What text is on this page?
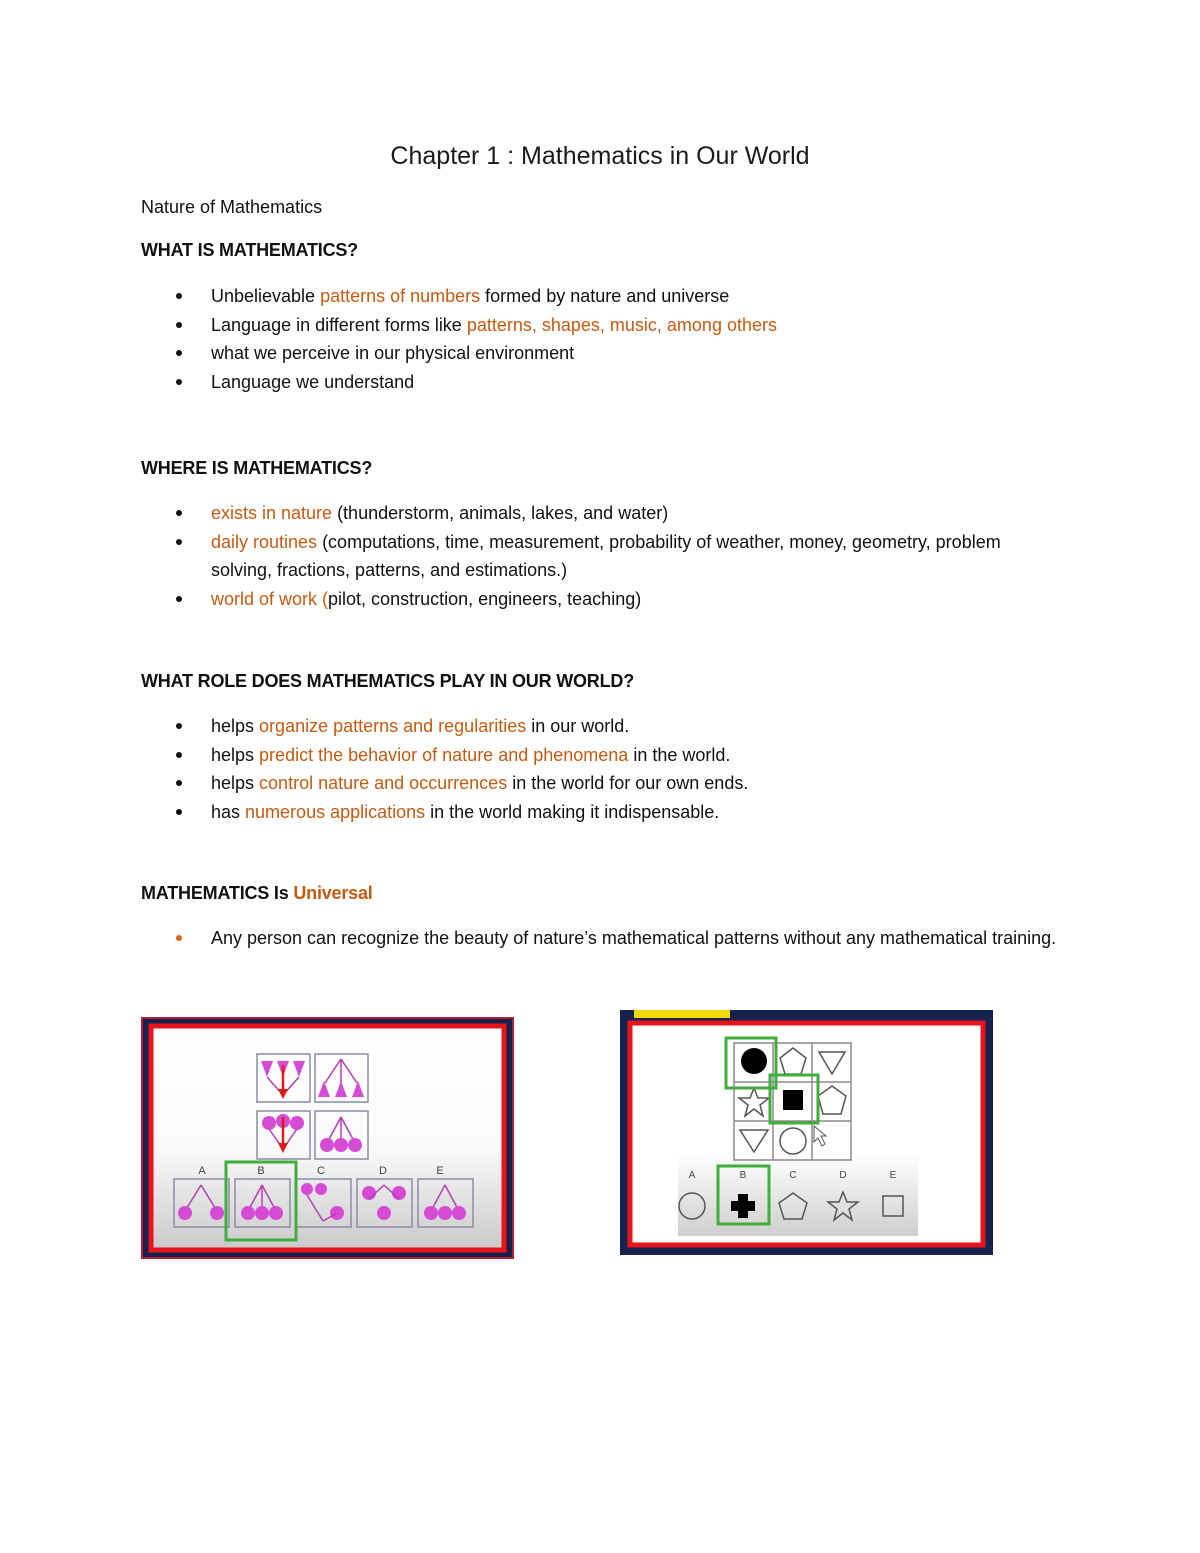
Chapter 1 : Mathematics in Our World
Nature of Mathematics
WHAT IS MATHEMATICS?
Unbelievable patterns of numbers formed by nature and universe
Language in different forms like patterns, shapes, music, among others
what we perceive in our physical environment
Language we understand
WHERE IS MATHEMATICS?
exists in nature (thunderstorm, animals, lakes, and water)
daily routines (computations, time, measurement, probability of weather, money, geometry, problem solving, fractions, patterns, and estimations.)
world of work (pilot, construction, engineers, teaching)
WHAT ROLE DOES MATHEMATICS PLAY IN OUR WORLD?
helps organize patterns and regularities in our world.
helps predict the behavior of nature and phenomena in the world.
helps control nature and occurrences in the world for our own ends.
has numerous applications in the world making it indispensable.
MATHEMATICS Is Universal
Any person can recognize the beauty of nature’s mathematical patterns without any mathematical training.
A	B	C	D	E	A	B	C	D	E
